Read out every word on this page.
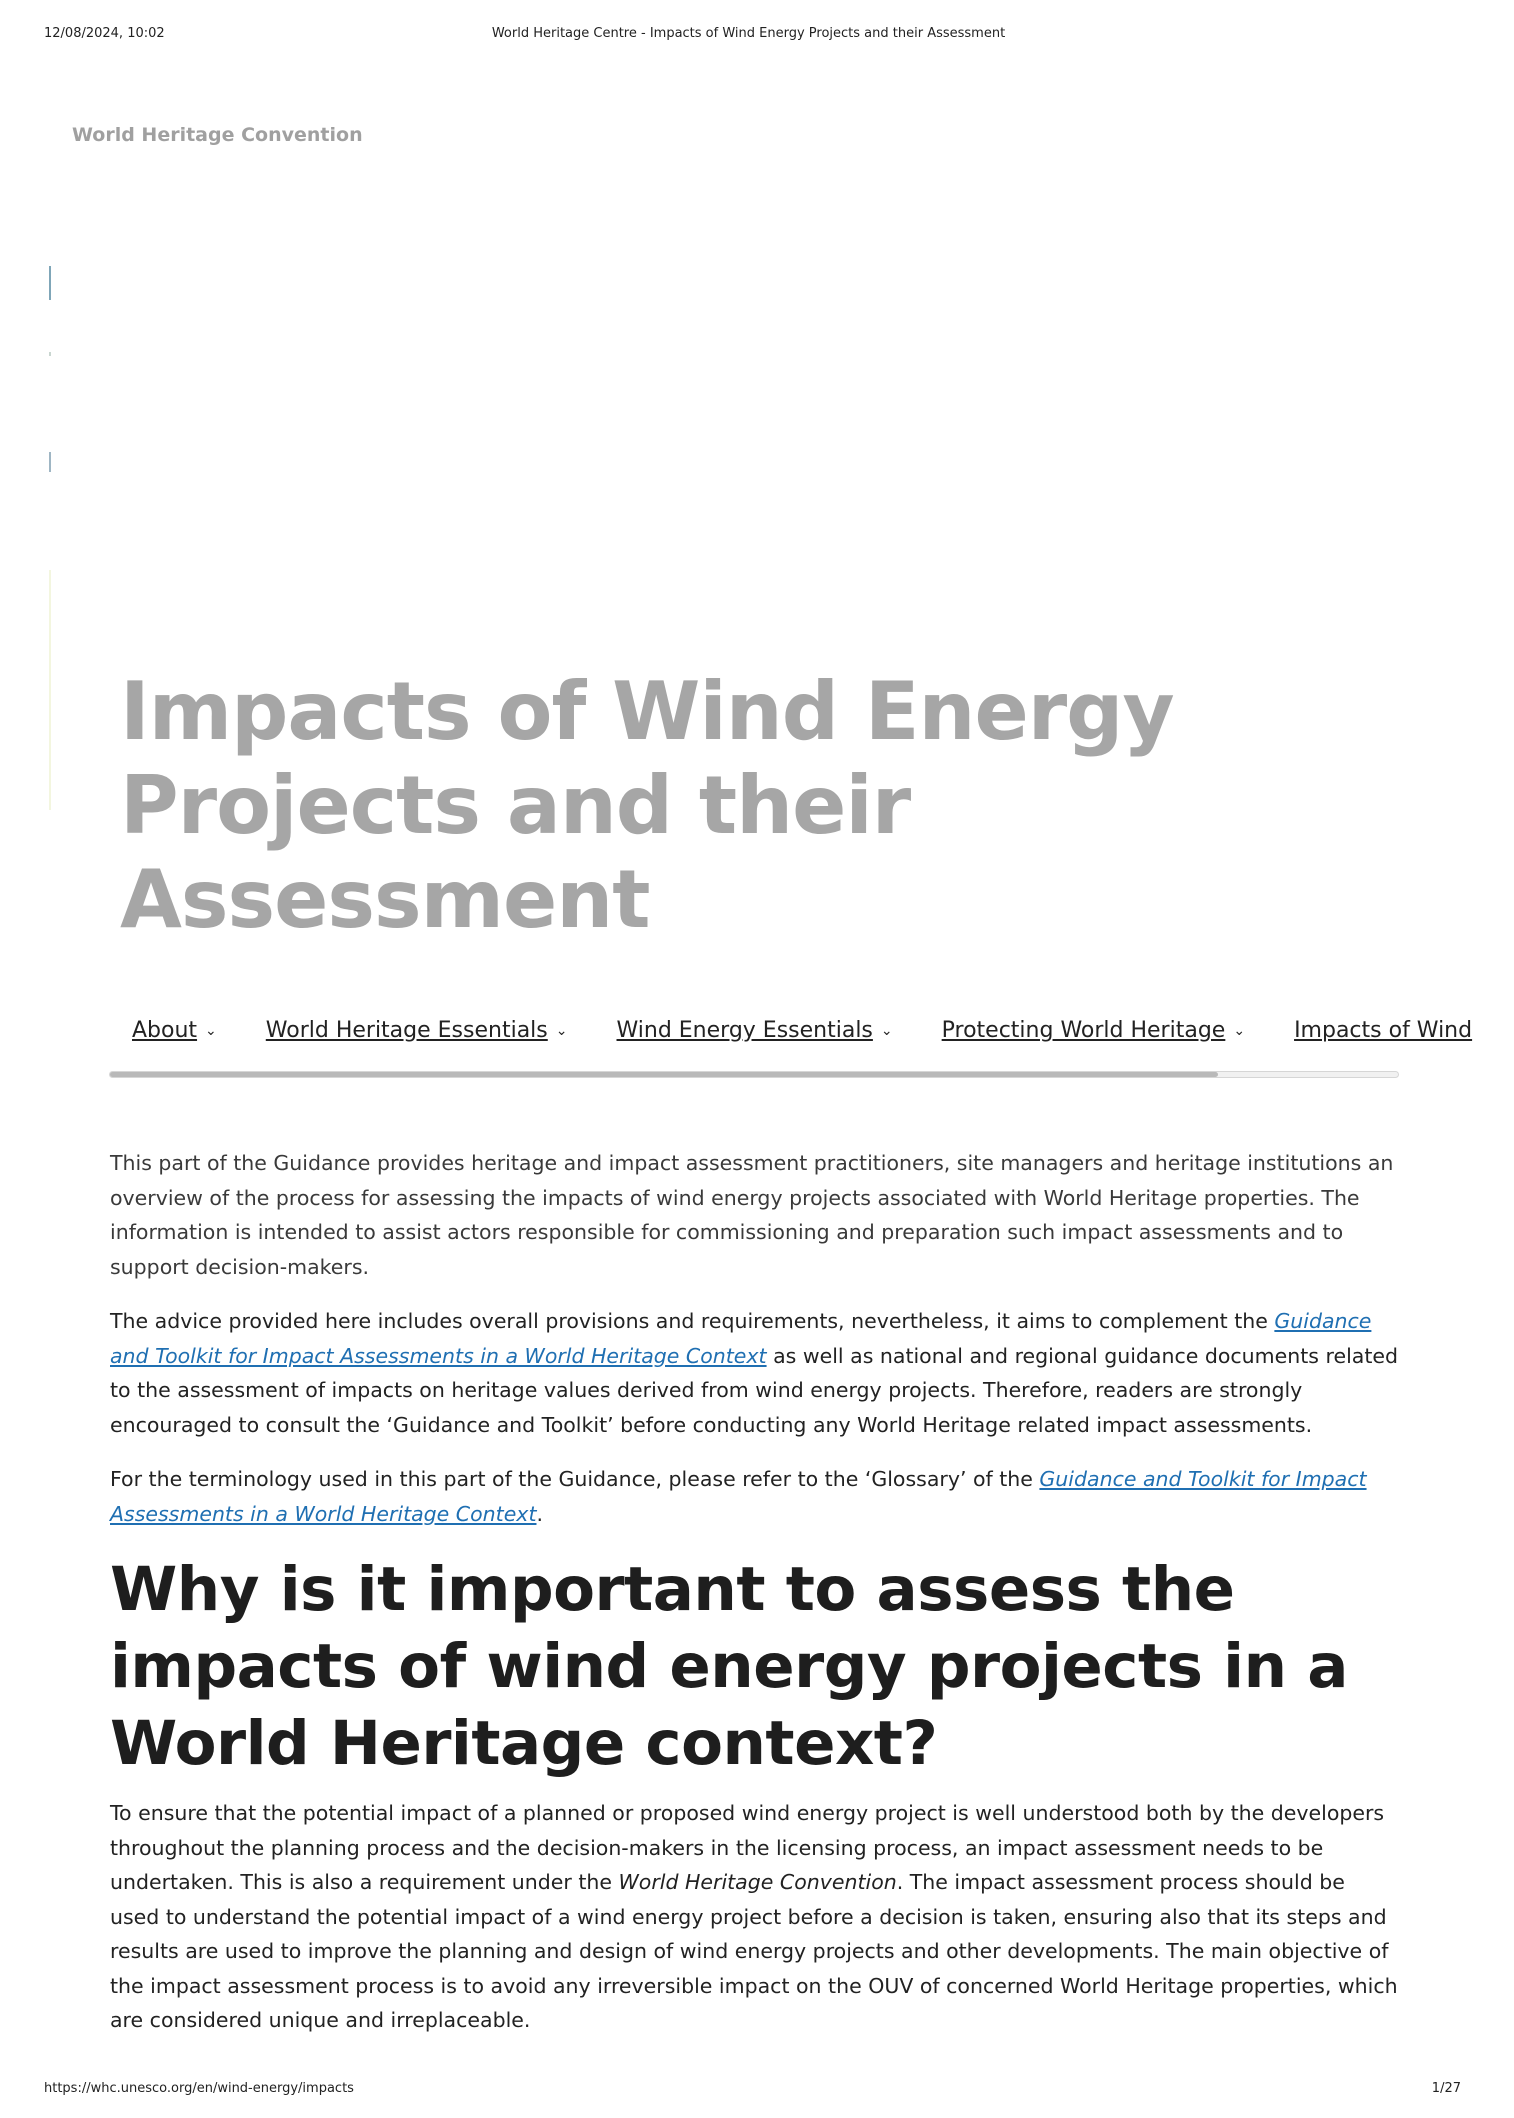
12/08/2024, 10:02	World Heritage Centre - Impacts of Wind Energy Projects and their Assessment
World Heritage Convention
Impacts of Wind Energy
Projects and their Assessment
About ⌄ World Heritage Essentials ⌄ Wind Energy Essentials ⌄ Protecting World Heritage ⌄ Impacts of Wind

This part of the Guidance provides heritage and impact assessment practitioners, site managers and heritage institutions an overview of the process for assessing the impacts of wind energy projects associated with World Heritage properties. The information is intended to assist actors responsible for commissioning and preparation such impact assessments and to support decision-makers.

The advice provided here includes overall provisions and requirements, nevertheless, it aims to complement the Guidance and Toolkit for Impact Assessments in a World Heritage Context as well as national and regional guidance documents related to the assessment of impacts on heritage values derived from wind energy projects. Therefore, readers are strongly encouraged to consult the ‘Guidance and Toolkit’ before conducting any World Heritage related impact assessments.

For the terminology used in this part of the Guidance, please refer to the ‘Glossary’ of the Guidance and Toolkit for Impact Assessments in a World Heritage Context.

Why is it important to assess the impacts of wind energy projects in a World Heritage context?

To ensure that the potential impact of a planned or proposed wind energy project is well understood both by the developers throughout the planning process and the decision-makers in the licensing process, an impact assessment needs to be undertaken. This is also a requirement under the World Heritage Convention. The impact assessment process should be used to understand the potential impact of a wind energy project before a decision is taken, ensuring also that its steps and results are used to improve the planning and design of wind energy projects and other developments. The main objective of the impact assessment process is to avoid any irreversible impact on the OUV of concerned World Heritage properties, which are considered unique and irreplaceable.

https://whc.unesco.org/en/wind-energy/impacts	1/27
